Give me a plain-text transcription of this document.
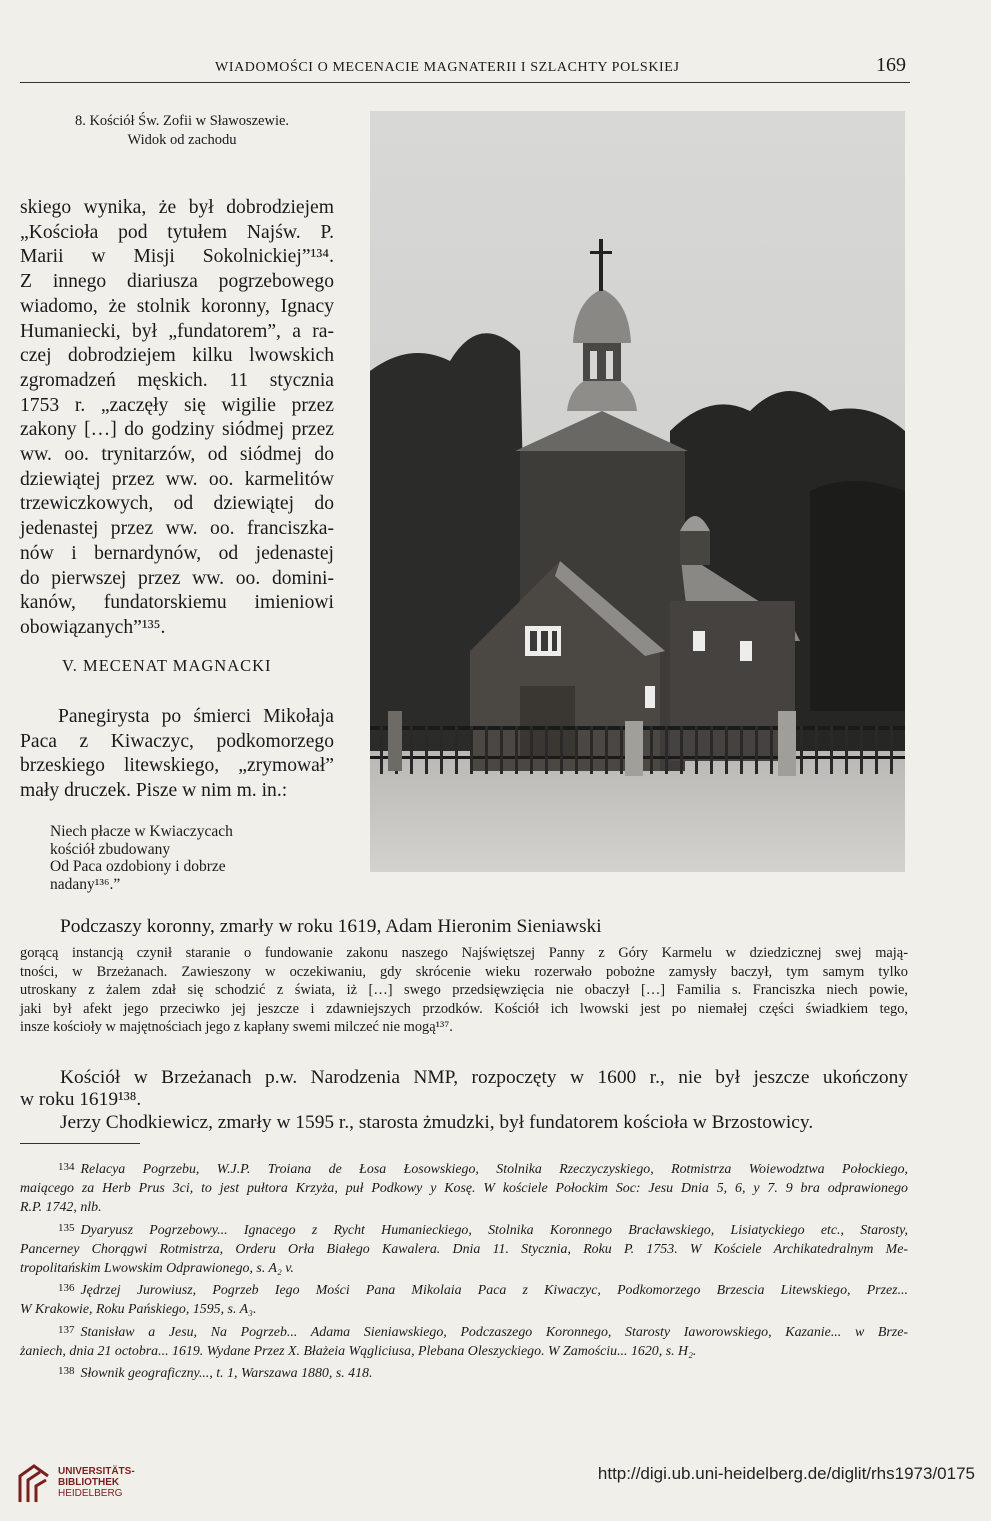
WIADOMOŚCI O MECENACIE MAGNATERII I SZLACHTY POLSKIEJ	169
8. Kościół Św. Zofii w Sławoszewie.
Widok od zachodu
skiego wynika, że był dobrodziejem
„Kościoła pod tytułem Najśw. P.
Marii w Misji Sokolnickiej”¹³⁴.
Z innego diariusza pogrzebowego
wiadomo, że stolnik koronny, Ignacy
Humaniecki, był „fundatorem”, a ra-
czej dobrodziejem kilku lwowskich
zgromadzeń męskich. 11 stycznia
1753 r. „zaczęły się wigilie przez
zakony […] do godziny siódmej przez
ww. oo. trynitarzów, od siódmej do
dziewiątej przez ww. oo. karmelitów
trzewiczkowych, od dziewiątej do
jedenastej przez ww. oo. franciszka-
nów i bernardynów, od jedenastej
do pierwszej przez ww. oo. domini-
kanów, fundatorskiemu imieniowi
obowiązanych”¹³⁵.
V. MECENAT MAGNACKI
Panegirysta po śmierci Mikołaja
Paca z Kiwaczyc, podkomorzego
brzeskiego litewskiego, „zrymował”
mały druczek. Pisze w nim m. in.:
Niech płacze w Kwiaczycach
kościół zbudowany
Od Paca ozdobiony i dobrze
nadany¹³⁶.”
Podczaszy koronny, zmarły w roku 1619, Adam Hieronim Sieniawski
gorącą instancją czynił staranie o fundowanie zakonu naszego Najświętszej Panny z Góry Karmelu w dziedzicznej swej mają-
tności, w Brzeżanach. Zawieszony w oczekiwaniu, gdy skrócenie wieku rozerwało pobożne zamysły baczył, tym samym tylko
utroskany z żalem zdał się schodzić z świata, iż […] swego przedsięwzięcia nie obaczył […] Familia s. Franciszka niech powie,
jaki był afekt jego przeciwko jej jeszcze i zdawniejszych przodków. Kościół ich lwowski jest po niemałej części świadkiem tego,
insze kościoły w majętnościach jego z kapłany swemi milczeć nie mogą¹³⁷.
Kościół w Brzeżanach p.w. Narodzenia NMP, rozpoczęty w 1600 r., nie był jeszcze ukończony
w roku 1619¹³⁸.
Jerzy Chodkiewicz, zmarły w 1595 r., starosta żmudzki, był fundatorem kościoła w Brzostowicy.
$^{134}$ Relacya Pogrzebu, W.J.P. Troiana de Łosa Łosowskiego, Stolnika Rzeczyczyskiego, Rotmistrza Woiewodztwa Połockiego,
maiącego za Herb Prus 3ci, to jest pułtora Krzyża, puł Podkowy y Kosę. W kościele Połockim Soc: Jesu Dnia 5, 6, y 7. 9 bra odprawionego
R.P. 1742, nlb.
$^{135}$ Dyaryusz Pogrzebowy... Ignacego z Rycht Humanieckiego, Stolnika Koronnego Bracławskiego, Lisiatyckiego etc., Starosty,
Pancerney Chorągwi Rotmistrza, Orderu Orła Białego Kawalera. Dnia 11. Stycznia, Roku P. 1753. W Kościele Archikatedralnym Me-
tropolitańskim Lwowskim Odprawionego, s. A₂ v.
$^{136}$ Jędrzej Jurowiusz, Pogrzeb Iego Mości Pana Mikolaia Paca z Kiwaczyc, Podkomorzego Brzescia Litewskiego, Przez...
W Krakowie, Roku Pańskiego, 1595, s. A₃.
$^{137}$ Stanisław a Jesu, Na Pogrzeb... Adama Sieniawskiego, Podczaszego Koronnego, Starosty Iaworowskiego, Kazanie... w Brze-
żaniech, dnia 21 octobra... 1619. Wydane Przez X. Błażeia Wągliciusa, Plebana Oleszyckiego. W Zamościu... 1620, s. H₂.
$^{138}$ Słownik geograficzny..., t. 1, Warszawa 1880, s. 418.
UNIVERSITÄTS-
BIBLIOTHEK
HEIDELBERG
http://digi.ub.uni-heidelberg.de/diglit/rhs1973/0175
